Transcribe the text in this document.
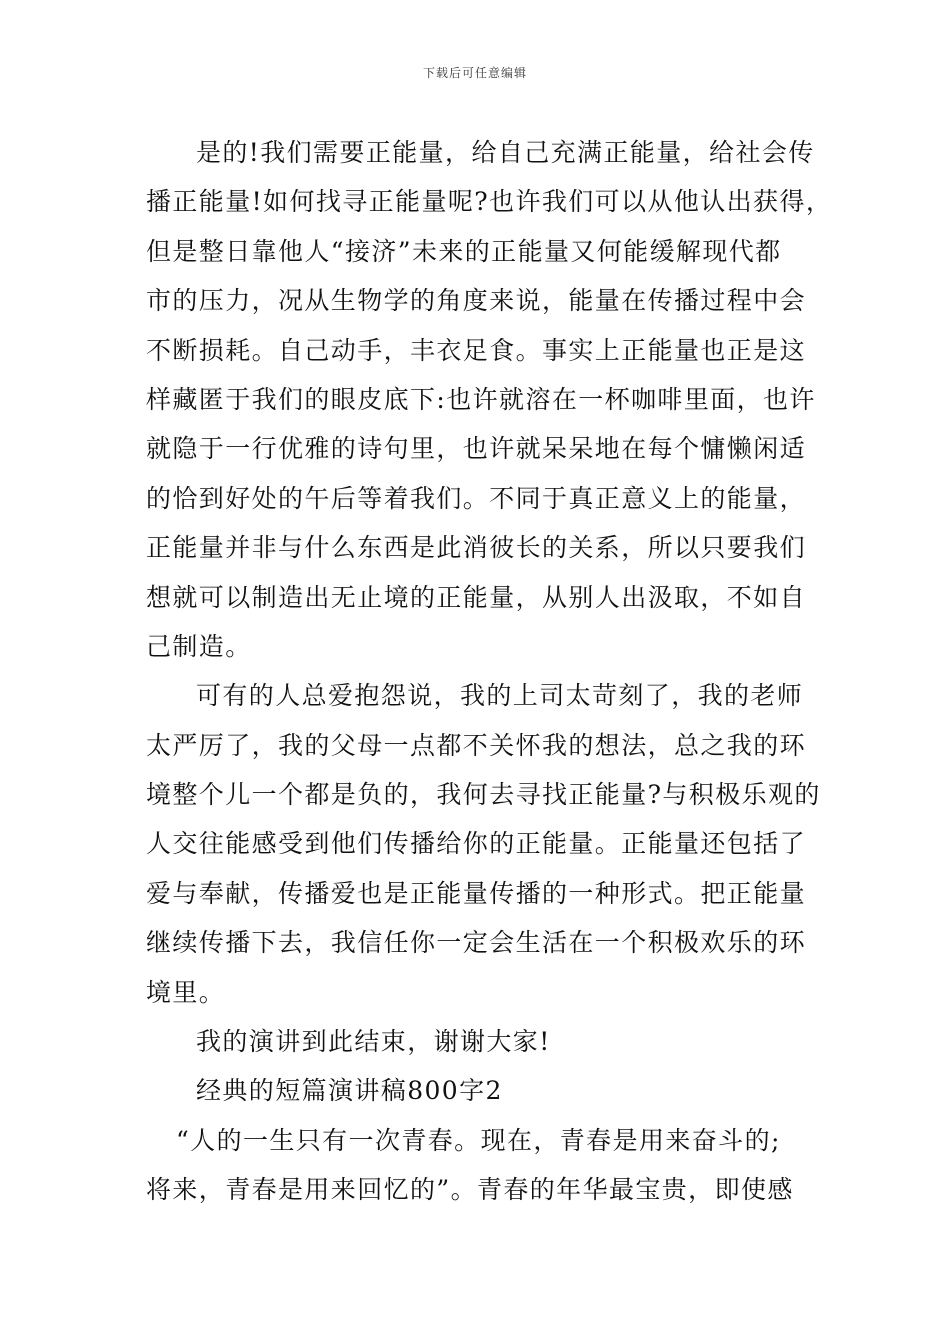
下载后可任意编辑
是的!我们需要正能量，给自己充满正能量，给社会传
播正能量!如何找寻正能量呢?也许我们可以从他认出获得，
但是整日靠他人“接济”未来的正能量又何能缓解现代都
市的压力，况从生物学的角度来说，能量在传播过程中会
不断损耗。自己动手，丰衣足食。事实上正能量也正是这
样藏匿于我们的眼皮底下:也许就溶在一杯咖啡里面，也许
就隐于一行优雅的诗句里，也许就呆呆地在每个慵懒闲适
的恰到好处的午后等着我们。不同于真正意义上的能量，
正能量并非与什么东西是此消彼长的关系，所以只要我们
想就可以制造出无止境的正能量，从别人出汲取，不如自
己制造。
可有的人总爱抱怨说，我的上司太苛刻了，我的老师
太严厉了，我的父母一点都不关怀我的想法，总之我的环
境整个儿一个都是负的，我何去寻找正能量?与积极乐观的
人交往能感受到他们传播给你的正能量。正能量还包括了
爱与奉献，传播爱也是正能量传播的一种形式。把正能量
继续传播下去，我信任你一定会生活在一个积极欢乐的环
境里。
我的演讲到此结束，谢谢大家!
经典的短篇演讲稿800字2
“人的一生只有一次青春。现在，青春是用来奋斗的;
将来，青春是用来回忆的”。青春的年华最宝贵，即使感
